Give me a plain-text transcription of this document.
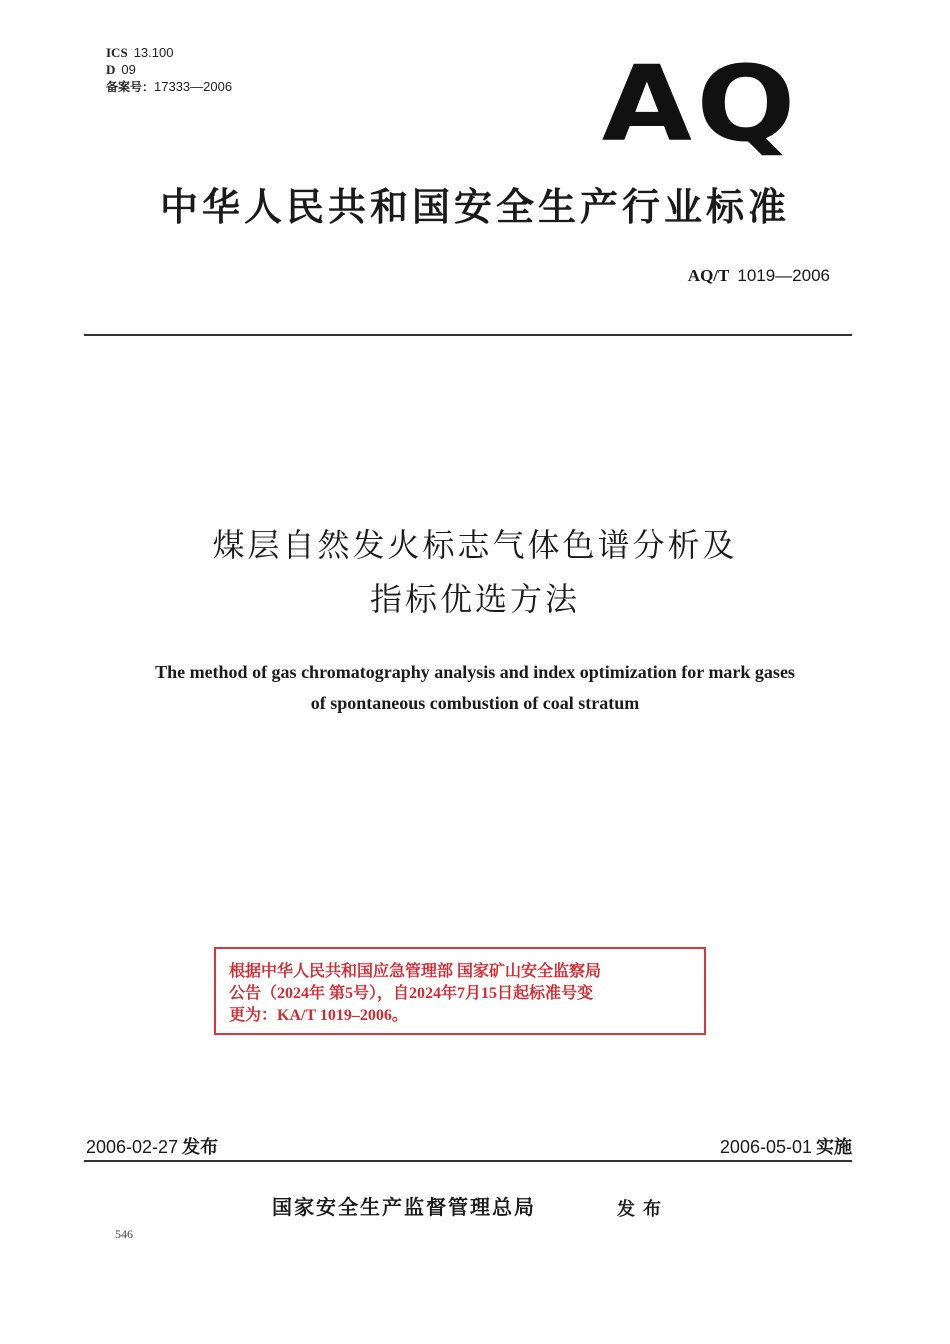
ICS 13.100
D 09
备案号：17333—2006	AQ
中华人民共和国安全生产行业标准
AQ/T 1019—2006
煤层自然发火标志气体色谱分析及
指标优选方法
The method of gas chromatography analysis and index optimization for mark gases
of spontaneous combustion of coal stratum
根据中华人民共和国应急管理部 国家矿山安全监察局
公告（2024年 第5号），自2024年7月15日起标准号变
更为：KA/T 1019–2006。
2006-02-27 发布	2006-05-01 实施
国家安全生产监督管理总局	发布
546
